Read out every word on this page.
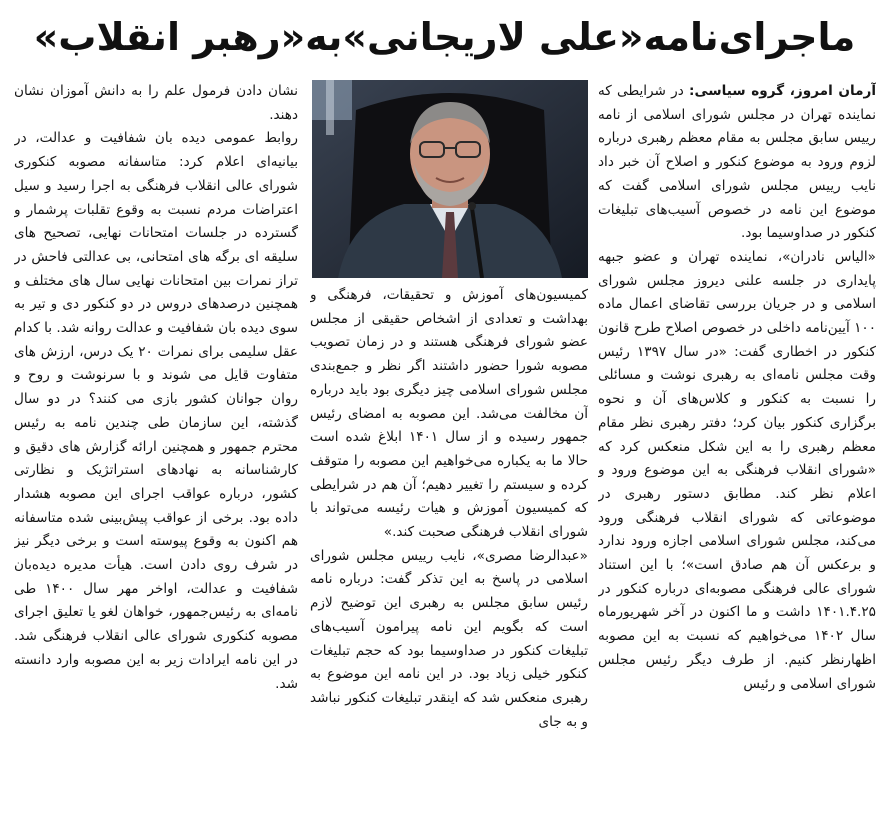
ماجرای‌نامه«علی لاریجانی»به«رهبر انقلاب»

آرمان امروز، گروه سیاسی: در شرایطی که نماینده تهران در مجلس شورای اسلامی از نامه رییس سابق مجلس به مقام معظم رهبری درباره لزوم ورود به موضوع کنکور و اصلاح آن خبر داد نایب رییس مجلس شورای اسلامی گفت که موضوع این نامه در خصوص آسیب‌های تبلیغات کنکور در صداوسیما بود.

«الیاس نادران»، نماینده تهران و عضو جبهه پایداری در جلسه علنی دیروز مجلس شورای اسلامی و در جریان بررسی تقاضای اعمال ماده ۱۰۰ آیین‌نامه داخلی در خصوص اصلاح طرح قانون کنکور در اخطاری گفت: «در سال ۱۳۹۷ رئیس وقت مجلس نامه‌ای به رهبری نوشت و مسائلی را نسبت به کنکور و کلاس‌های آن و نحوه برگزاری کنکور بیان کرد؛ دفتر رهبری نظر مقام معظم رهبری را به این شکل منعکس کرد که «شورای انقلاب فرهنگی به این موضوع ورود و اعلام نظر کند. مطابق دستور رهبری در موضوعاتی که شورای انقلاب فرهنگی ورود می‌کند، مجلس شورای اسلامی اجازه ورود ندارد و برعکس آن هم صادق است»؛ با این استناد شورای عالی فرهنگی مصوبه‌ای درباره کنکور در ۱۴۰۱.۴.۲۵ داشت و ما اکنون در آخر شهریورماه سال ۱۴۰۲ می‌خواهیم که نسبت به این مصوبه اظهارنظر کنیم. از طرف دیگر رئیس مجلس شورای اسلامی و رئیس

کمیسیون‌های آموزش و تحقیقات، فرهنگی و بهداشت و تعدادی از اشخاص حقیقی از مجلس عضو شورای فرهنگی هستند و در زمان تصویب مصوبه شورا حضور داشتند اگر نظر و جمع‌بندی مجلس شورای اسلامی چیز دیگری بود باید درباره آن مخالفت می‌شد. این مصوبه به امضای رئیس جمهور رسیده و از سال ۱۴۰۱ ابلاغ شده است حالا ما به یکباره می‌خواهیم این مصوبه را متوقف کرده و سیستم را تغییر دهیم؛ آن هم در شرایطی که کمیسیون آموزش و هیات رئیسه می‌تواند با شورای انقلاب فرهنگی صحبت کند.»

«عبدالرضا مصری»، نایب رییس مجلس شورای اسلامی در پاسخ به این تذکر گفت: درباره نامه رئیس سابق مجلس به رهبری این توضیح لازم است که بگویم این نامه پیرامون آسیب‌های تبلیغات کنکور در صداوسیما بود که حجم تبلیغات کنکور خیلی زیاد بود. در این نامه این موضوع به رهبری منعکس شد که اینقدر تبلیغات کنکور نباشد و به جای

نشان دادن فرمول علم را به دانش آموزان نشان دهند.

روابط عمومی دیده بان شفافیت و عدالت، در بیانیه‌ای اعلام کرد: متاسفانه مصوبه کنکوری شورای عالی انقلاب فرهنگی به اجرا رسید و سیل اعتراضات مردم نسبت به وقوع تقلبات پرشمار و گسترده در جلسات امتحانات نهایی، تصحیح های سلیقه ای برگه های امتحانی، بی عدالتی فاحش در تراز نمرات بین امتحانات نهایی سال های مختلف و همچنین درصدهای دروس در دو کنکور دی و تیر به سوی دیده بان شفافیت و عدالت روانه شد. با کدام عقل سلیمی برای نمرات ۲۰ یک درس، ارزش های متفاوت قایل می شوند و با سرنوشت و روح و روان جوانان کشور بازی می کنند؟ در دو سال گذشته، این سازمان طی چندین نامه به رئیس محترم جمهور و همچنین ارائه گزارش های دقیق و کارشناسانه به نهادهای استراتژیک و نظارتی کشور، درباره عواقب اجرای این مصوبه هشدار داده بود. برخی از عواقب پیش‌بینی شده متاسفانه هم اکنون به وقوع پیوسته است و برخی دیگر نیز در شرف روی دادن است. هیأت مدیره دیده‌بان شفافیت و عدالت، اواخر مهر سال ۱۴۰۰ طی نامه‌ای به رئیس‌جمهور، خواهان لغو یا تعلیق اجرای مصوبه کنکوری شورای عالی انقلاب فرهنگی شد. در این نامه ایرادات زیر به این مصوبه وارد دانسته شد.
